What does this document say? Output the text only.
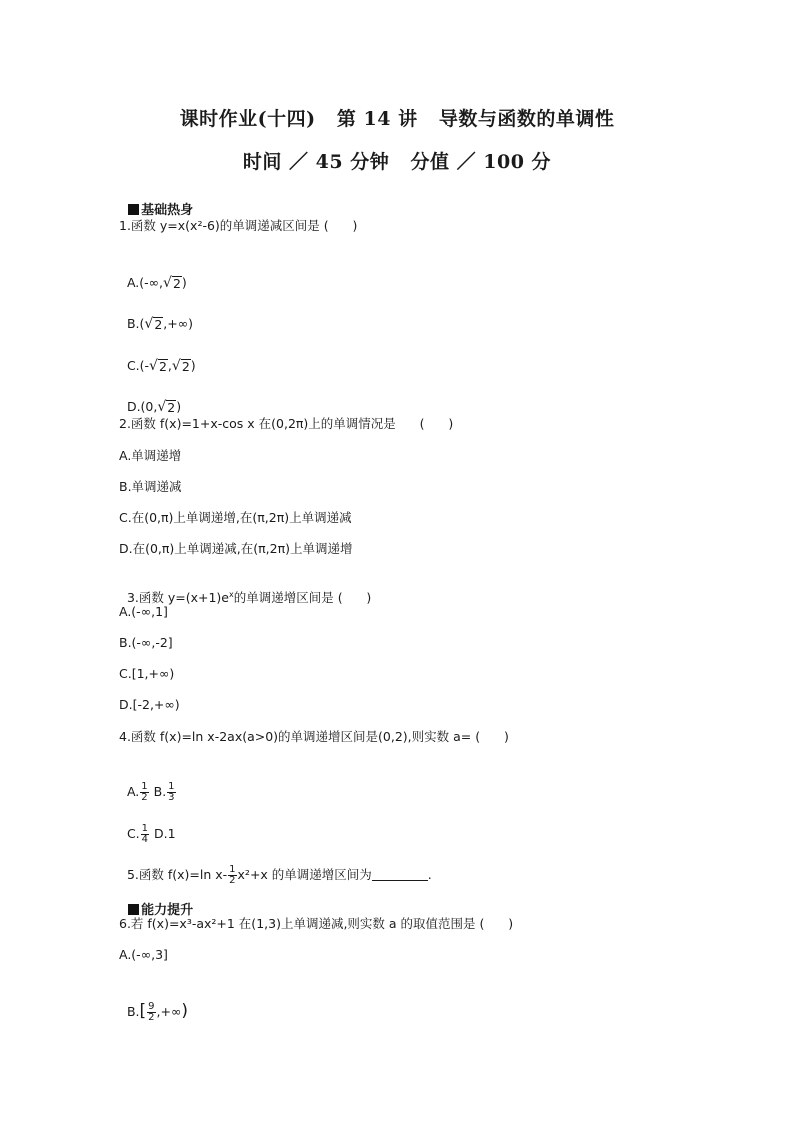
课时作业(十四)   第 14 讲   导数与函数的单调性
时间 ／ 45 分钟   分值 ／ 100 分

基础热身

1.函数 y=x(x²-6)的单调递减区间是 (      )

A.(-∞, √ 2 )

B.( √ 2 ,+∞)

C.(- √ 2 , √ 2 )

D.(0, √ 2 )

2.函数 f(x)=1+x-cos x 在(0,2π)上的单调情况是      (      )
A.单调递增
B.单调递减
C.在(0,π)上单调递增,在(π,2π)上单调递减
D.在(0,π)上单调递减,在(π,2π)上单调递增

3.函数 $y=(x+1)e^x$的单调递增区间是 (      )

A.(-∞,1]
B.(-∞,-2]
C.[1,+∞)
D.[-2,+∞)
4.函数 f(x)=ln x-2ax(a>0)的单调递增区间是(0,2),则实数 a= (      )

A. $\frac{1}{2} B$. $\frac{1}{3}$

C. $\frac{1}{4} D.1$

5.函数 f(x)=ln $x- \frac{1}{2} x^2+x$ 的单调递增区间为	.

能力提升

6.若 f(x)=x³-ax²+1 在(1,3)上单调递减,则实数 a 的取值范围是 (      )
A.(-∞,3]

$B.[ \frac{9}{2}$ ,+∞)
